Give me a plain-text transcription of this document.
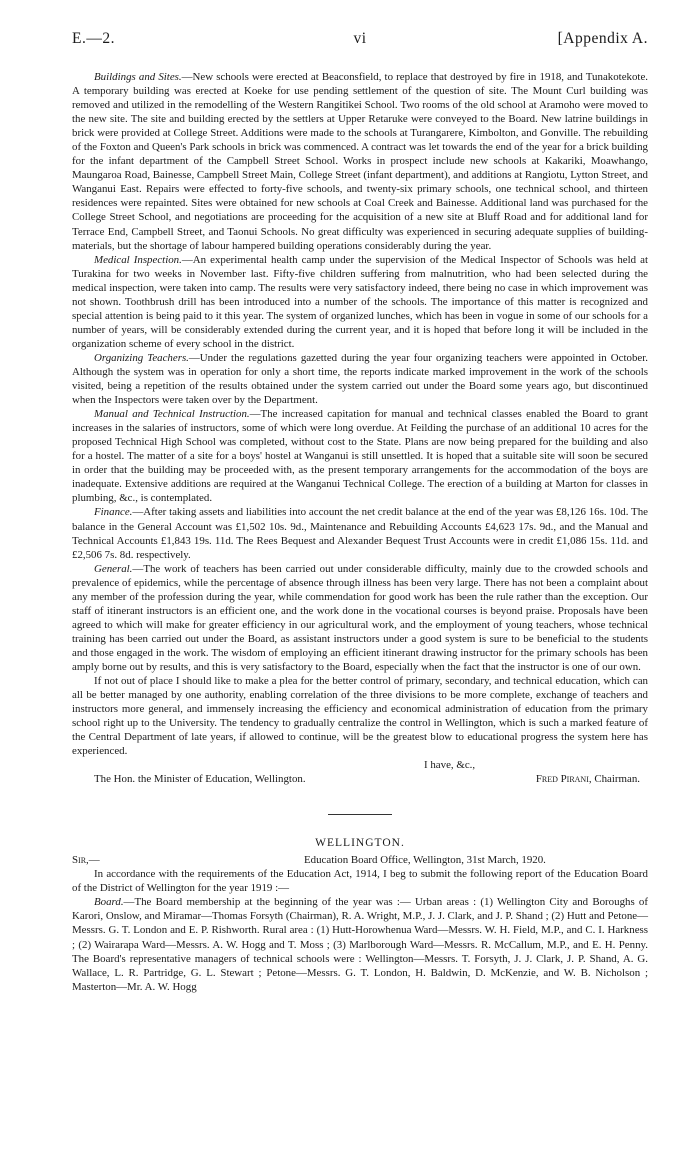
E.—2.	vi	[Appendix A.

Buildings and Sites.—New schools were erected at Beaconsfield, to replace that destroyed by fire in 1918, and Tunakotekote. A temporary building was erected at Koeke for use pending settlement of the question of site. The Mount Curl building was removed and utilized in the remodelling of the Western Rangitikei School. Two rooms of the old school at Aramoho were moved to the new site. The site and building erected by the settlers at Upper Retaruke were conveyed to the Board. New latrine buildings in brick were provided at College Street. Additions were made to the schools at Turangarere, Kimbolton, and Gonville. The rebuilding of the Foxton and Queen's Park schools in brick was commenced. A contract was let towards the end of the year for a brick building for the infant department of the Campbell Street School. Works in prospect include new schools at Kakariki, Moawhango, Maungaroa Road, Bainesse, Campbell Street Main, College Street (infant department), and additions at Rangiotu, Lytton Street, and Wanganui East. Repairs were effected to forty-five schools, and twenty-six primary schools, one technical school, and thirteen residences were repainted. Sites were obtained for new schools at Coal Creek and Bainesse. Additional land was purchased for the College Street School, and negotiations are proceeding for the acquisition of a new site at Bluff Road and for additional land for Terrace End, Campbell Street, and Taonui Schools. No great difficulty was experienced in securing adequate supplies of building-materials, but the shortage of labour hampered building operations considerably during the year.

Medical Inspection.—An experimental health camp under the supervision of the Medical Inspector of Schools was held at Turakina for two weeks in November last. Fifty-five children suffering from malnutrition, who had been selected during the medical inspection, were taken into camp. The results were very satisfactory indeed, there being no case in which improvement was not shown. Toothbrush drill has been introduced into a number of the schools. The importance of this matter is recognized and special attention is being paid to it this year. The system of organized lunches, which has been in vogue in some of our schools for a number of years, will be considerably extended during the current year, and it is hoped that before long it will be included in the organization scheme of every school in the district.

Organizing Teachers.—Under the regulations gazetted during the year four organizing teachers were appointed in October. Although the system was in operation for only a short time, the reports indicate marked improvement in the work of the schools visited, being a repetition of the results obtained under the system carried out under the Board some years ago, but discontinued when the Inspectors were taken over by the Department.

Manual and Technical Instruction.—The increased capitation for manual and technical classes enabled the Board to grant increases in the salaries of instructors, some of which were long overdue. At Feilding the purchase of an additional 10 acres for the proposed Technical High School was completed, without cost to the State. Plans are now being prepared for the building and also for a hostel. The matter of a site for a boys' hostel at Wanganui is still unsettled. It is hoped that a suitable site will soon be secured in order that the building may be proceeded with, as the present temporary arrangements for the accommodation of the boys are inadequate. Extensive additions are required at the Wanganui Technical College. The erection of a building at Marton for classes in plumbing, &c., is contemplated.

Finance.—After taking assets and liabilities into account the net credit balance at the end of the year was £8,126 16s. 10d. The balance in the General Account was £1,502 10s. 9d., Maintenance and Rebuilding Accounts £4,623 17s. 9d., and the Manual and Technical Accounts £1,843 19s. 11d. The Rees Bequest and Alexander Bequest Trust Accounts were in credit £1,086 15s. 11d. and £2,506 7s. 8d. respectively.

General.—The work of teachers has been carried out under considerable difficulty, mainly due to the crowded schools and prevalence of epidemics, while the percentage of absence through illness has been very large. There has not been a complaint about any member of the profession during the year, while commendation for good work has been the rule rather than the exception. Our staff of itinerant instructors is an efficient one, and the work done in the vocational courses is beyond praise. Proposals have been agreed to which will make for greater efficiency in our agricultural work, and the employment of young teachers, whose technical training has been carried out under the Board, as assistant instructors under a good system is sure to be beneficial to the students and those engaged in the work. The wisdom of employing an efficient itinerant drawing instructor for the primary schools has been amply borne out by results, and this is very satisfactory to the Board, especially when the fact that the instructor is one of our own.

If not out of place I should like to make a plea for the better control of primary, secondary, and technical education, which can all be better managed by one authority, enabling correlation of the three divisions to be more complete, exchange of teachers and instructors more general, and immensely increasing the efficiency and economical administration of education from the primary school right up to the University. The tendency to gradually centralize the control in Wellington, which is such a marked feature of the Central Department of late years, if allowed to continue, will be the greatest blow to educational progress the system here has experienced.

I have, &c.,

The Hon. the Minister of Education, Wellington.	Fred Pirani, Chairman.
WELLINGTON.
Sir,—	Education Board Office, Wellington, 31st March, 1920.

In accordance with the requirements of the Education Act, 1914, I beg to submit the following report of the Education Board of the District of Wellington for the year 1919 :—

Board.—The Board membership at the beginning of the year was :— Urban areas : (1) Wellington City and Boroughs of Karori, Onslow, and Miramar—Thomas Forsyth (Chairman), R. A. Wright, M.P., J. J. Clark, and J. P. Shand ; (2) Hutt and Petone—Messrs. G. T. London and E. P. Rishworth. Rural area : (1) Hutt-Horowhenua Ward—Messrs. W. H. Field, M.P., and C. I. Harkness ; (2) Wairarapa Ward—Messrs. A. W. Hogg and T. Moss ; (3) Marlborough Ward—Messrs. R. McCallum, M.P., and E. H. Penny. The Board's representative managers of technical schools were : Wellington—Messrs. T. Forsyth, J. J. Clark, J. P. Shand, A. G. Wallace, L. R. Partridge, G. L. Stewart ; Petone—Messrs. G. T. London, H. Baldwin, D. McKenzie, and W. B. Nicholson ; Masterton—Mr. A. W. Hogg
